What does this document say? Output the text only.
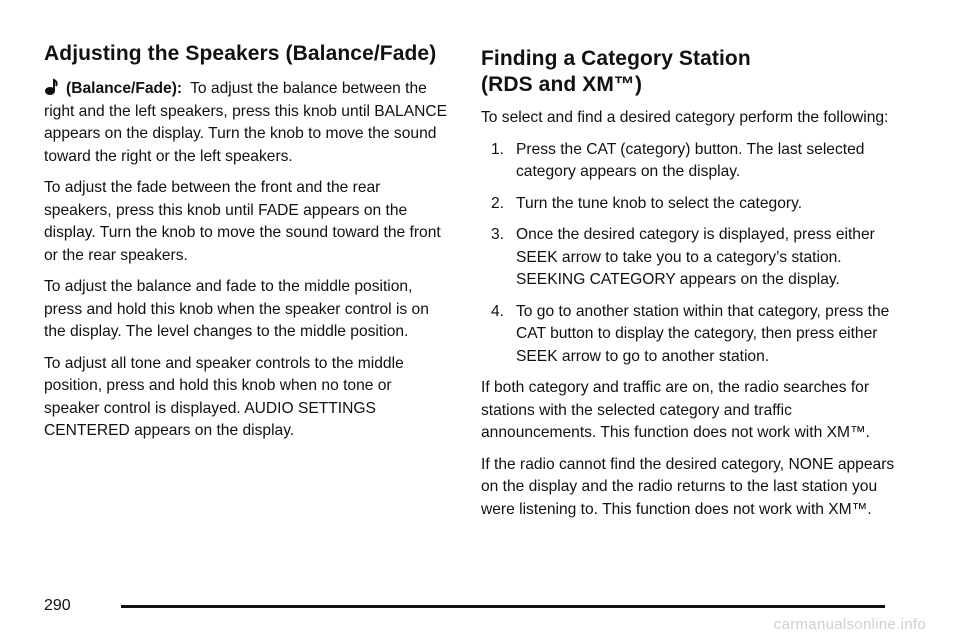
Adjusting the Speakers (Balance/Fade)

(Balance/Fade): To adjust the balance between the right and the left speakers, press this knob until BALANCE appears on the display. Turn the knob to move the sound toward the right or the left speakers.

To adjust the fade between the front and the rear speakers, press this knob until FADE appears on the display. Turn the knob to move the sound toward the front or the rear speakers.

To adjust the balance and fade to the middle position, press and hold this knob when the speaker control is on the display. The level changes to the middle position.

To adjust all tone and speaker controls to the middle position, press and hold this knob when no tone or speaker control is displayed. AUDIO SETTINGS CENTERED appears on the display.

Finding a Category Station
(RDS and XM™)

To select and find a desired category perform the following:

1. Press the CAT (category) button. The last selected category appears on the display.
2. Turn the tune knob to select the category.
3. Once the desired category is displayed, press either SEEK arrow to take you to a category’s station. SEEKING CATEGORY appears on the display.
4. To go to another station within that category, press the CAT button to display the category, then press either SEEK arrow to go to another station.

If both category and traffic are on, the radio searches for stations with the selected category and traffic announcements. This function does not work with XM™.

If the radio cannot find the desired category, NONE appears on the display and the radio returns to the last station you were listening to. This function does not work with XM™.

290
carmanualsonline.info
